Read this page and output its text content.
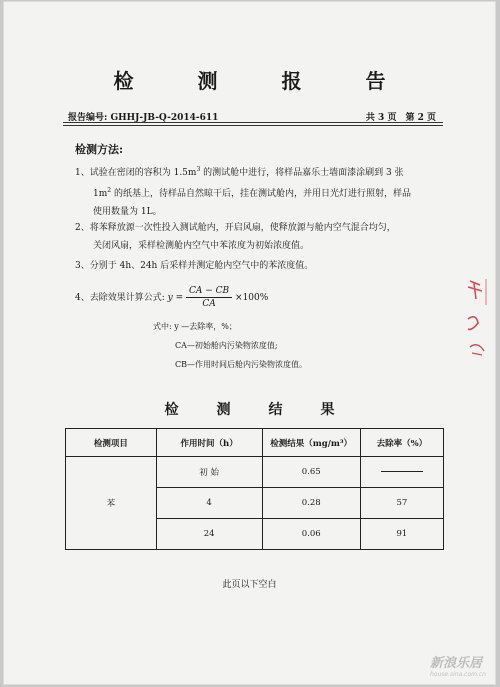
检　测　报　告
报告编号: GHHJ-JB-Q-2014-611	共 3 页　第 2 页
检测方法:
1、试验在密闭的容积为 $1.5m^3$ 的测试舱中进行，将样品嘉乐士墙面漆涂刷到 3 张
$1m^2$ 的纸基上，待样品自然晾干后，挂在测试舱内，并用日光灯进行照射，样品
使用数量为 1L。
2、将苯释放源一次性投入测试舱内，开启风扇，使释放源与舱内空气混合均匀，
关闭风扇，采样检测舱内空气中苯浓度为初始浓度值。
3、分别于 4h、24h 后采样并测定舱内空气中的苯浓度值。
4、去除效果计算公式: $y = \frac{CA - CB}{CA} \times 100\%$
式中: y —去除率，%；
CA—初始舱内污染物浓度值;
CB—作用时间后舱内污染物浓度值。
检　测　结　果
检测项目	作用时间（h）	检测结果（mg/m³）	去除率（%）
苯	初 始	0.65	
	4	0.28	57
	24	0.06	91
此页以下空白
新浪乐居
house.sina.com.cn
